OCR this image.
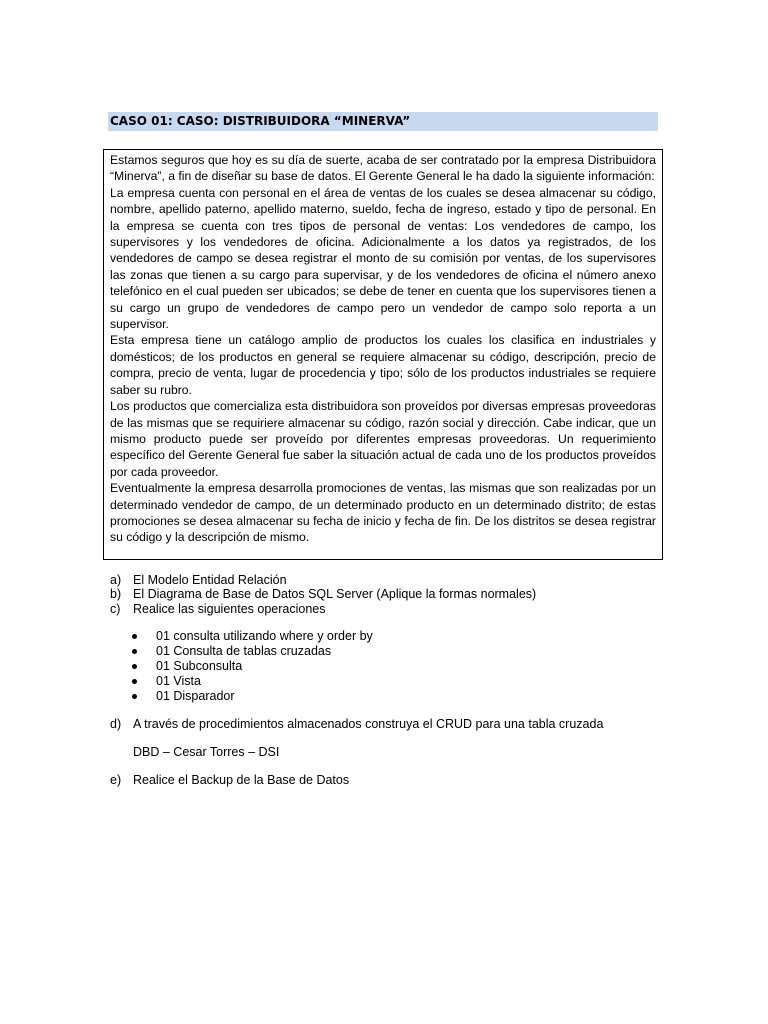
CASO 01: CASO: DISTRIBUIDORA “MINERVA”

Estamos seguros que hoy es su día de suerte, acaba de ser contratado por la empresa Distribuidora “Minerva”, a fin de diseñar su base de datos. El Gerente General le ha dado la siguiente información:

La empresa cuenta con personal en el área de ventas de los cuales se desea almacenar su código, nombre, apellido paterno, apellido materno, sueldo, fecha de ingreso, estado y tipo de personal. En la empresa se cuenta con tres tipos de personal de ventas: Los vendedores de campo, los supervisores y los vendedores de oficina. Adicionalmente a los datos ya registrados, de los vendedores de campo se desea registrar el monto de su comisión por ventas, de los supervisores las zonas que tienen a su cargo para supervisar, y de los vendedores de oficina el número anexo telefónico en el cual pueden ser ubicados; se debe de tener en cuenta que los supervisores tienen a su cargo un grupo de vendedores de campo pero un vendedor de campo solo reporta a un supervisor.

Esta empresa tiene un catálogo amplio de productos los cuales los clasifica en industriales y domésticos; de los productos en general se requiere almacenar su código, descripción, precio de compra, precio de venta, lugar de procedencia y tipo; sólo de los productos industriales se requiere saber su rubro.

Los productos que comercializa esta distribuidora son proveídos por diversas empresas proveedoras de las mismas que se requiriere almacenar su código, razón social y dirección. Cabe indicar, que un mismo producto puede ser proveído por diferentes empresas proveedoras. Un requerimiento específico del Gerente General fue saber la situación actual de cada uno de los productos proveídos por cada proveedor.

Eventualmente la empresa desarrolla promociones de ventas, las mismas que son realizadas por un determinado vendedor de campo, de un determinado producto en un determinado distrito; de estas promociones se desea almacenar su fecha de inicio y fecha de fin. De los distritos se desea registrar su código y la descripción de mismo.

a) El Modelo Entidad Relación
b) El Diagrama de Base de Datos SQL Server (Aplique la formas normales)
c) Realice las siguientes operaciones
01 consulta utilizando where y order by
01 Consulta de tablas cruzadas
01 Subconsulta
01 Vista
01 Disparador
d) A través de procedimientos almacenados construya el CRUD para una tabla cruzada
DBD – Cesar Torres – DSI
e) Realice el Backup de la Base de Datos
